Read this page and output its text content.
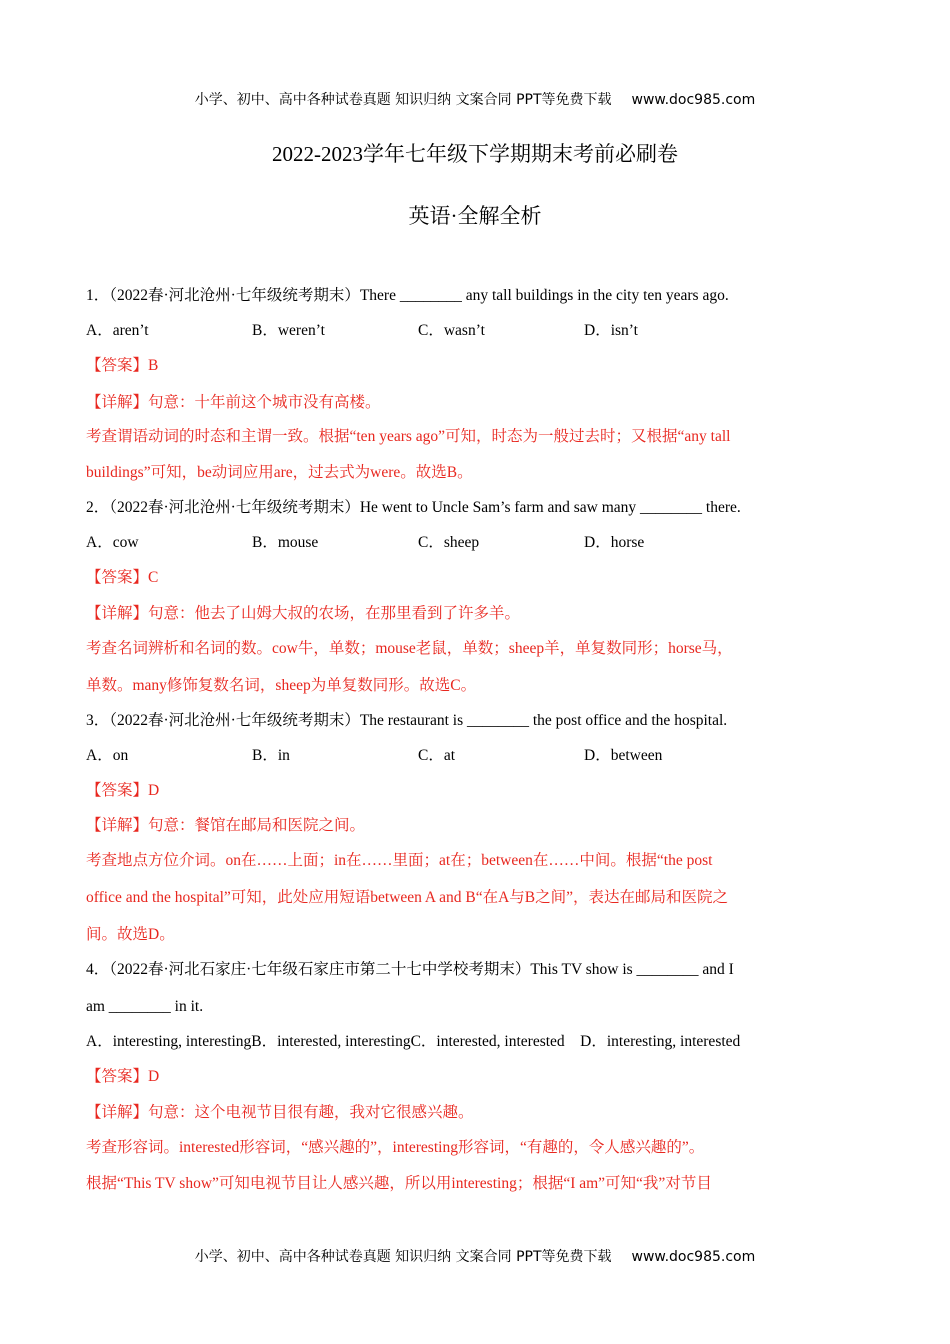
小学、初中、高中各种试卷真题 知识归纳 文案合同 PPT等免费下载 www.doc985.com
2022-2023学年七年级下学期期末考前必刷卷
英语·全解全析
1．（2022春·河北沧州·七年级统考期末）There ________ any tall buildings in the city ten years ago.
A．aren’t	B．weren’t	C．wasn’t	D．isn’t
【答案】B
【详解】句意：十年前这个城市没有高楼。
考查谓语动词的时态和主谓一致。根据“ten years ago”可知，时态为一般过去时；又根据“any tall
buildings”可知，be动词应用are，过去式为were。故选B。
2．（2022春·河北沧州·七年级统考期末）He went to Uncle Sam’s farm and saw many ________ there.
A．cow	B．mouse	C．sheep	D．horse
【答案】C
【详解】句意：他去了山姆大叔的农场，在那里看到了许多羊。
考查名词辨析和名词的数。cow牛，单数；mouse老鼠，单数；sheep羊，单复数同形；horse马，
单数。many修饰复数名词，sheep为单复数同形。故选C。
3．（2022春·河北沧州·七年级统考期末）The restaurant is ________ the post office and the hospital.
A．on	B．in	C．at	D．between
【答案】D
【详解】句意：餐馆在邮局和医院之间。
考查地点方位介词。on在……上面；in在……里面；at在；between在……中间。根据“the post
office and the hospital”可知，此处应用短语between A and B“在A与B之间”，表达在邮局和医院之
间。故选D。
4．（2022春·河北石家庄·七年级石家庄市第二十七中学校考期末）This TV show is ________ and I
am ________ in it.
A．interesting, interestingB．interested, interestingC．interested, interested    D．interesting, interested
【答案】D
【详解】句意：这个电视节目很有趣，我对它很感兴趣。
考查形容词。interested形容词，“感兴趣的”，interesting形容词，“有趣的，令人感兴趣的”。
根据“This TV show”可知电视节目让人感兴趣，所以用interesting；根据“I am”可知“我”对节目
小学、初中、高中各种试卷真题 知识归纳 文案合同 PPT等免费下载 www.doc985.com
